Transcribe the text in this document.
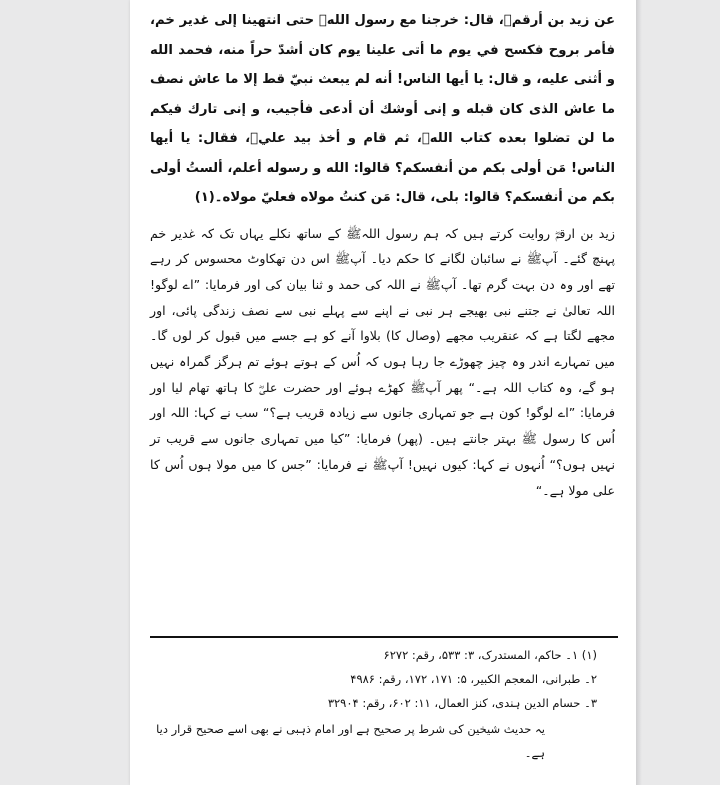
عن زيد بن أرقمؓ، قال: خرجنا مع رسول اللهﷺ حتى انتهينا إلى غدير خم، فأمر بروح فكسح في يوم ما أتى علينا يوم كان أشدّ حراً منه، فحمد الله و أثنى عليه، و قال: يا أيها الناس! أنه لم يبعث نبيّ قط إلا ما عاش نصف ما عاش الذى كان قبله و إنى أوشك أن أدعى فأجيب، و إنى تارك فيكم ما لن تضلوا بعده كتاب اللهﷺ، ثم قام و أخذ بيد عليؓ، فقال: يا أيها الناس! مَن أولى بكم من أنفسكم؟ قالوا: الله و رسوله أعلم، ألستُ أولى بكم من أنفسكم؟ قالوا: بلى، قال: مَن كنتُ مولاه فعليّ مولاه۔(۱)

زید بن ارقمؓ روایت کرتے ہیں کہ ہم رسول اللہﷺ کے ساتھ نکلے یہاں تک کہ غدیر خم پہنچ گئے۔ آپﷺ نے سائبان لگانے کا حکم دیا۔ آپﷺ اس دن تھکاوٹ محسوس کر رہے تھے اور وہ دن بہت گرم تھا۔ آپﷺ نے اللہ کی حمد و ثنا بیان کی اور فرمایا: ”اے لوگو! اللہ تعالیٰ نے جتنے نبی بھیجے ہر نبی نے اپنے سے پہلے نبی سے نصف زندگی پائی، اور مجھے لگتا ہے کہ عنقریب مجھے (وصال کا) بلاوا آنے کو ہے جسے میں قبول کر لوں گا۔ میں تمہارے اندر وہ چیز چھوڑے جا رہا ہوں کہ اُس کے ہوتے ہوئے تم ہرگز گمراہ نہیں ہو گے، وہ کتاب اللہ ہے۔“ پھر آپﷺ کھڑے ہوئے اور حضرت علیؓ کا ہاتھ تھام لیا اور فرمایا: ”اے لوگو! کون ہے جو تمہاری جانوں سے زیادہ قریب ہے؟“ سب نے کہا: اللہ اور اُس کا رسول ﷺ بہتر جانتے ہیں۔ (پھر) فرمایا: ”کیا میں تمہاری جانوں سے قریب تر نہیں ہوں؟“ اُنہوں نے کہا: کیوں نہیں! آپﷺ نے فرمایا: ”جس کا میں مولا ہوں اُس کا علی مولا ہے۔“

(۱) ۱۔ حاکم، المستدرک، ۳: ۵۳۳، رقم: ۶۲۷۲

۲۔ طبرانی، المعجم الکبیر، ۵: ۱۷۱، ۱۷۲، رقم: ۴۹۸۶

۳۔ حسام الدین ہندی، کنز العمال، ۱۱: ۶۰۲، رقم: ۳۲۹۰۴

یہ حدیث شیخین کی شرط پر صحیح ہے اور امام ذہبی نے بھی اسے صحیح قرار دیا ہے۔
